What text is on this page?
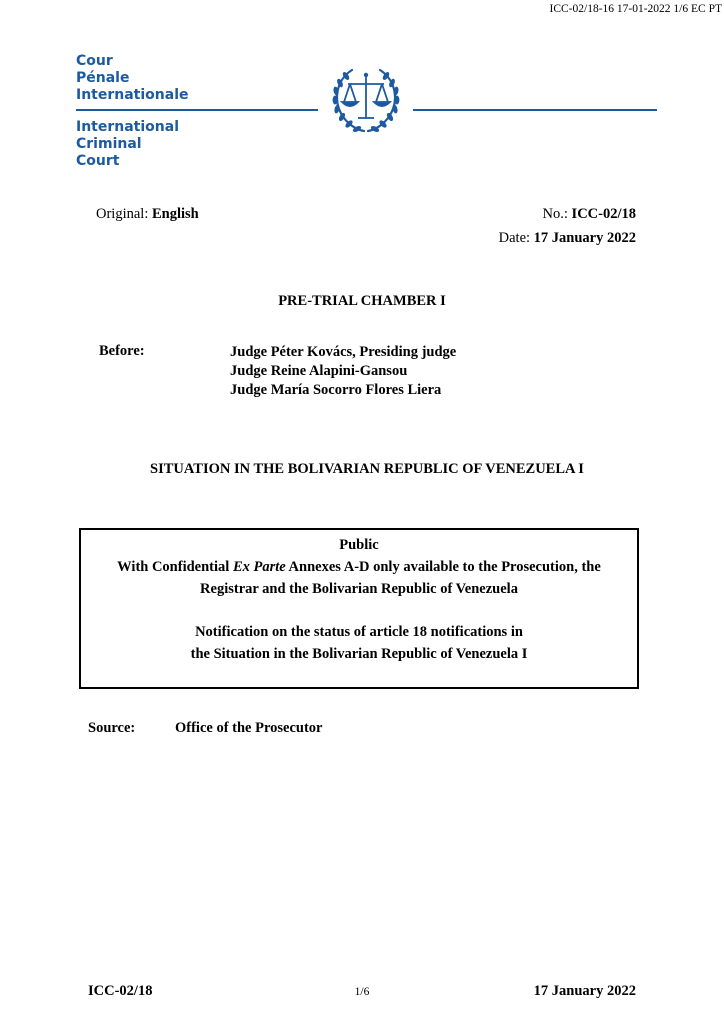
ICC-02/18-16 17-01-2022 1/6 EC PT
Cour
Pénale
Internationale
International
Criminal
Court
Original: English	No.: ICC-02/18
Date: 17 January 2022
PRE-TRIAL CHAMBER I
Before:	Judge Péter Kovács, Presiding judge
Judge Reine Alapini-Gansou
Judge María Socorro Flores Liera
SITUATION IN THE BOLIVARIAN REPUBLIC OF VENEZUELA I

Public

With Confidential Ex Parte Annexes A-D only available to the Prosecution, the

Registrar and the Bolivarian Republic of Venezuela

Notification on the status of article 18 notifications in

the Situation in the Bolivarian Republic of Venezuela I

Source:	Office of the Prosecutor
ICC-02/18	1/6	17 January 2022
